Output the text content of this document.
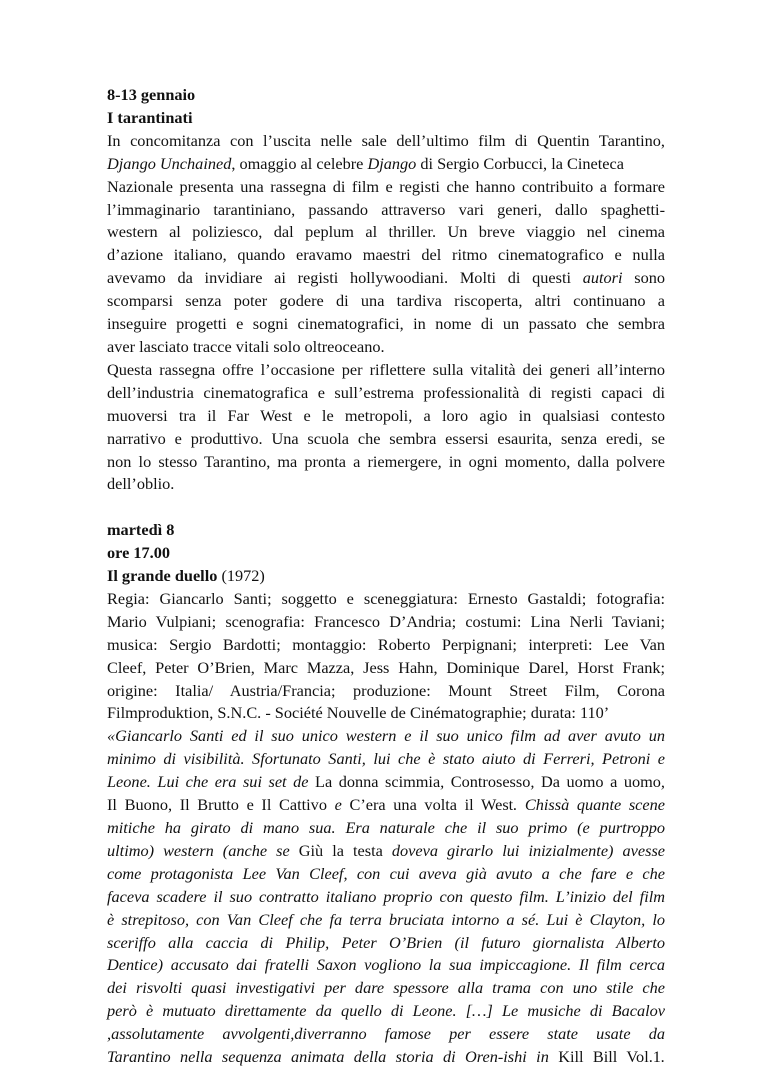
8-13 gennaio
I tarantinati
In concomitanza con l’uscita nelle sale dell’ultimo film di Quentin Tarantino,
Django Unchained, omaggio al celebre Django di Sergio Corbucci, la Cineteca
Nazionale presenta una rassegna di film e registi che hanno contribuito a formare
l’immaginario tarantiniano, passando attraverso vari generi, dallo spaghetti-
western al poliziesco, dal peplum al thriller. Un breve viaggio nel cinema
d’azione italiano, quando eravamo maestri del ritmo cinematografico e nulla
avevamo da invidiare ai registi hollywoodiani. Molti di questi autori sono
scomparsi senza poter godere di una tardiva riscoperta, altri continuano a
inseguire progetti e sogni cinematografici, in nome di un passato che sembra
aver lasciato tracce vitali solo oltreoceano.
Questa rassegna offre l’occasione per riflettere sulla vitalità dei generi all’interno
dell’industria cinematografica e sull’estrema professionalità di registi capaci di
muoversi tra il Far West e le metropoli, a loro agio in qualsiasi contesto
narrativo e produttivo. Una scuola che sembra essersi esaurita, senza eredi, se
non lo stesso Tarantino, ma pronta a riemergere, in ogni momento, dalla polvere
dell’oblio.
martedì 8
ore 17.00
Il grande duello (1972)
Regia: Giancarlo Santi; soggetto e sceneggiatura: Ernesto Gastaldi; fotografia:
Mario Vulpiani; scenografia: Francesco D’Andria; costumi: Lina Nerli Taviani;
musica: Sergio Bardotti; montaggio: Roberto Perpignani; interpreti: Lee Van
Cleef, Peter O’Brien, Marc Mazza, Jess Hahn, Dominique Darel, Horst Frank;
origine: Italia/ Austria/Francia; produzione: Mount Street Film, Corona
Filmproduktion, S.N.C. - Société Nouvelle de Cinématographie; durata: 110’
«Giancarlo Santi ed il suo unico western e il suo unico film ad aver avuto un
minimo di visibilità. Sfortunato Santi, lui che è stato aiuto di Ferreri, Petroni e
Leone. Lui che era sui set de La donna scimmia, Controsesso, Da uomo a uomo,
Il Buono, Il Brutto e Il Cattivo e C’era una volta il West. Chissà quante scene
mitiche ha girato di mano sua. Era naturale che il suo primo (e purtroppo
ultimo) western (anche se Giù la testa doveva girarlo lui inizialmente) avesse
come protagonista Lee Van Cleef, con cui aveva già avuto a che fare e che
faceva scadere il suo contratto italiano proprio con questo film. L’inizio del film
è strepitoso, con Van Cleef che fa terra bruciata intorno a sé. Lui è Clayton, lo
sceriffo alla caccia di Philip, Peter O’Brien (il futuro giornalista Alberto
Dentice) accusato dai fratelli Saxon vogliono la sua impiccagione. Il film cerca
dei risvolti quasi investigativi per dare spessore alla trama con uno stile che
però è mutuato direttamente da quello di Leone. […] Le musiche di Bacalov
,assolutamente avvolgenti,diverranno famose per essere state usate da
Tarantino nella sequenza animata della storia di Oren-ishi in Kill Bill Vol.1.
